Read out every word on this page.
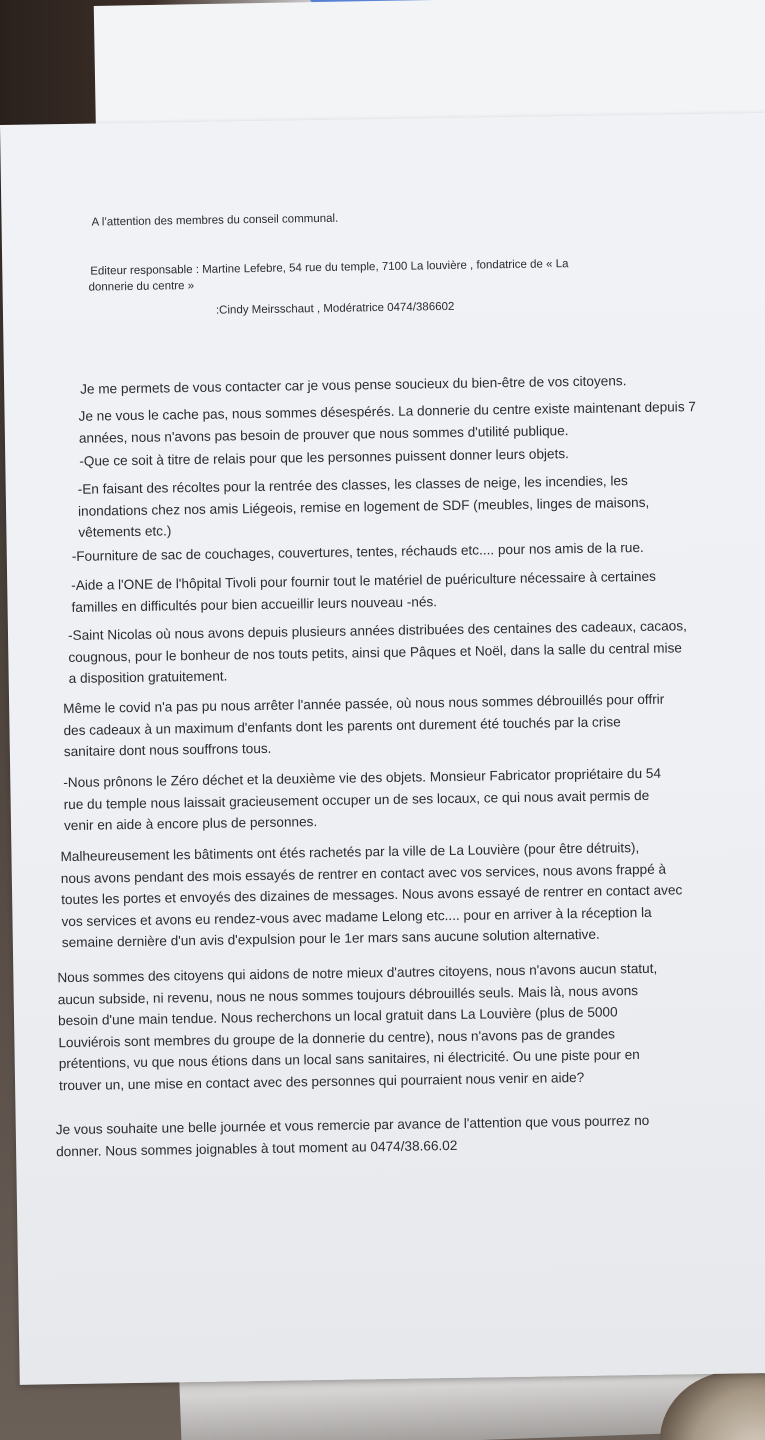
A l’attention des membres du conseil communal.
Editeur responsable : Martine Lefebre, 54 rue du temple, 7100 La louvière , fondatrice de « La
donnerie du centre »
:Cindy Meirsschaut , Modératrice 0474/386602
Je me permets de vous contacter car je vous pense soucieux du bien-être de vos citoyens.
Je ne vous le cache pas, nous sommes désespérés. La donnerie du centre existe maintenant depuis 7
années, nous n'avons pas besoin de prouver que nous sommes d'utilité publique.
-Que ce soit à titre de relais pour que les personnes puissent donner leurs objets.
-En faisant des récoltes pour la rentrée des classes, les classes de neige, les incendies, les
inondations chez nos amis Liégeois, remise en logement de SDF (meubles, linges de maisons,
vêtements etc.)
-Fourniture de sac de couchages, couvertures, tentes, réchauds etc.... pour nos amis de la rue.
-Aide a l'ONE de l'hôpital Tivoli pour fournir tout le matériel de puériculture nécessaire à certaines
familles en difficultés pour bien accueillir leurs nouveau -nés.
-Saint Nicolas où nous avons depuis plusieurs années distribuées des centaines des cadeaux, cacaos,
cougnous, pour le bonheur de nos touts petits, ainsi que Pâques et Noël, dans la salle du central mise
a disposition gratuitement.
Même le covid n'a pas pu nous arrêter l'année passée, où nous nous sommes débrouillés pour offrir
des cadeaux à un maximum d'enfants dont les parents ont durement été touchés par la crise
sanitaire dont nous souffrons tous.
-Nous prônons le Zéro déchet et la deuxième vie des objets. Monsieur Fabricator propriétaire du 54
rue du temple nous laissait gracieusement occuper un de ses locaux, ce qui nous avait permis de
venir en aide à encore plus de personnes.
Malheureusement les bâtiments ont étés rachetés par la ville de La Louvière (pour être détruits),
nous avons pendant des mois essayés de rentrer en contact avec vos services, nous avons frappé à
toutes les portes et envoyés des dizaines de messages. Nous avons essayé de rentrer en contact avec
vos services et avons eu rendez-vous avec madame Lelong etc.... pour en arriver à la réception la
semaine dernière d'un avis d'expulsion pour le 1er mars sans aucune solution alternative.
Nous sommes des citoyens qui aidons de notre mieux d'autres citoyens, nous n'avons aucun statut,
aucun subside, ni revenu, nous ne nous sommes toujours débrouillés seuls. Mais là, nous avons
besoin d'une main tendue. Nous recherchons un local gratuit dans La Louvière (plus de 5000
Louviérois sont membres du groupe de la donnerie du centre), nous n'avons pas de grandes
prétentions, vu que nous étions dans un local sans sanitaires, ni électricité. Ou une piste pour en
trouver un, une mise en contact avec des personnes qui pourraient nous venir en aide?
Je vous souhaite une belle journée et vous remercie par avance de l'attention que vous pourrez no
donner. Nous sommes joignables à tout moment au 0474/38.66.02
